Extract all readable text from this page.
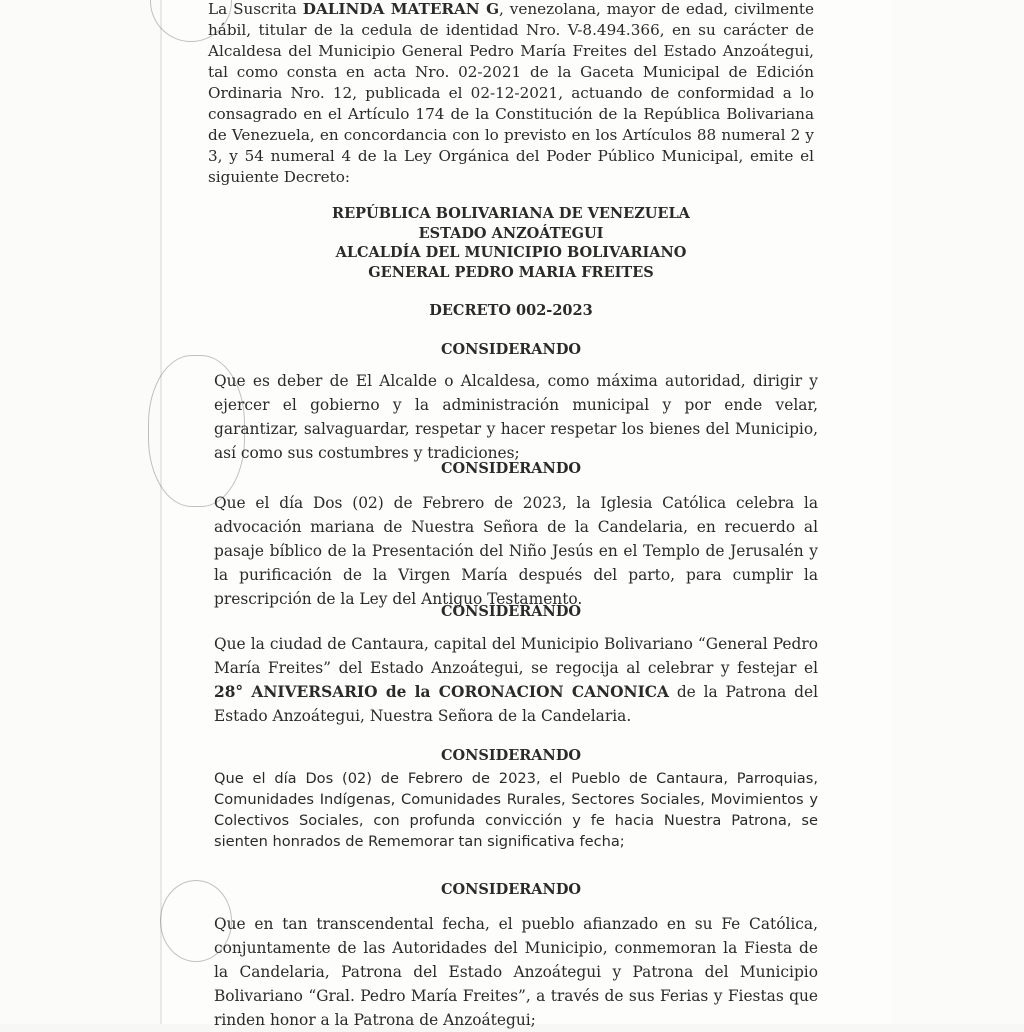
La Suscrita DALINDA MATERAN G, venezolana, mayor de edad, civilmente hábil, titular de la cedula de identidad Nro. V-8.494.366, en su carácter de Alcaldesa del Municipio General Pedro María Freites del Estado Anzoátegui, tal como consta en acta Nro. 02-2021 de la Gaceta Municipal de Edición Ordinaria Nro. 12, publicada el 02-12-2021, actuando de conformidad a lo consagrado en el Artículo 174 de la Constitución de la República Bolivariana de Venezuela, en concordancia con lo previsto en los Artículos 88 numeral 2 y 3, y 54 numeral 4 de la Ley Orgánica del Poder Público Municipal, emite el siguiente Decreto:

REPÚBLICA BOLIVARIANA DE VENEZUELA
ESTADO ANZOÁTEGUI
ALCALDÍA DEL MUNICIPIO BOLIVARIANO
GENERAL PEDRO MARIA FREITES
DECRETO 002-2023
CONSIDERANDO
Que es deber de El Alcalde o Alcaldesa, como máxima autoridad, dirigir y ejercer el gobierno y la administración municipal y por ende velar, garantizar, salvaguardar, respetar y hacer respetar los bienes del Municipio, así como sus costumbres y tradiciones;
CONSIDERANDO
Que el día Dos (02) de Febrero de 2023, la Iglesia Católica celebra la advocación mariana de Nuestra Señora de la Candelaria, en recuerdo al pasaje bíblico de la Presentación del Niño Jesús en el Templo de Jerusalén y la purificación de la Virgen María después del parto, para cumplir la prescripción de la Ley del Antiguo Testamento.
CONSIDERANDO
Que la ciudad de Cantaura, capital del Municipio Bolivariano “General Pedro María Freites” del Estado Anzoátegui, se regocija al celebrar y festejar el 28° ANIVERSARIO de la CORONACION CANONICA de la Patrona del Estado Anzoátegui, Nuestra Señora de la Candelaria.
CONSIDERANDO
Que el día Dos (02) de Febrero de 2023, el Pueblo de Cantaura, Parroquias, Comunidades Indígenas, Comunidades Rurales, Sectores Sociales, Movimientos y Colectivos Sociales, con profunda convicción y fe hacia Nuestra Patrona, se sienten honrados de Rememorar tan significativa fecha;
CONSIDERANDO
Que en tan transcendental fecha, el pueblo afianzado en su Fe Católica, conjuntamente de las Autoridades del Municipio, conmemoran la Fiesta de la Candelaria, Patrona del Estado Anzoátegui y Patrona del Municipio Bolivariano “Gral. Pedro María Freites”, a través de sus Ferias y Fiestas que rinden honor a la Patrona de Anzoátegui;
